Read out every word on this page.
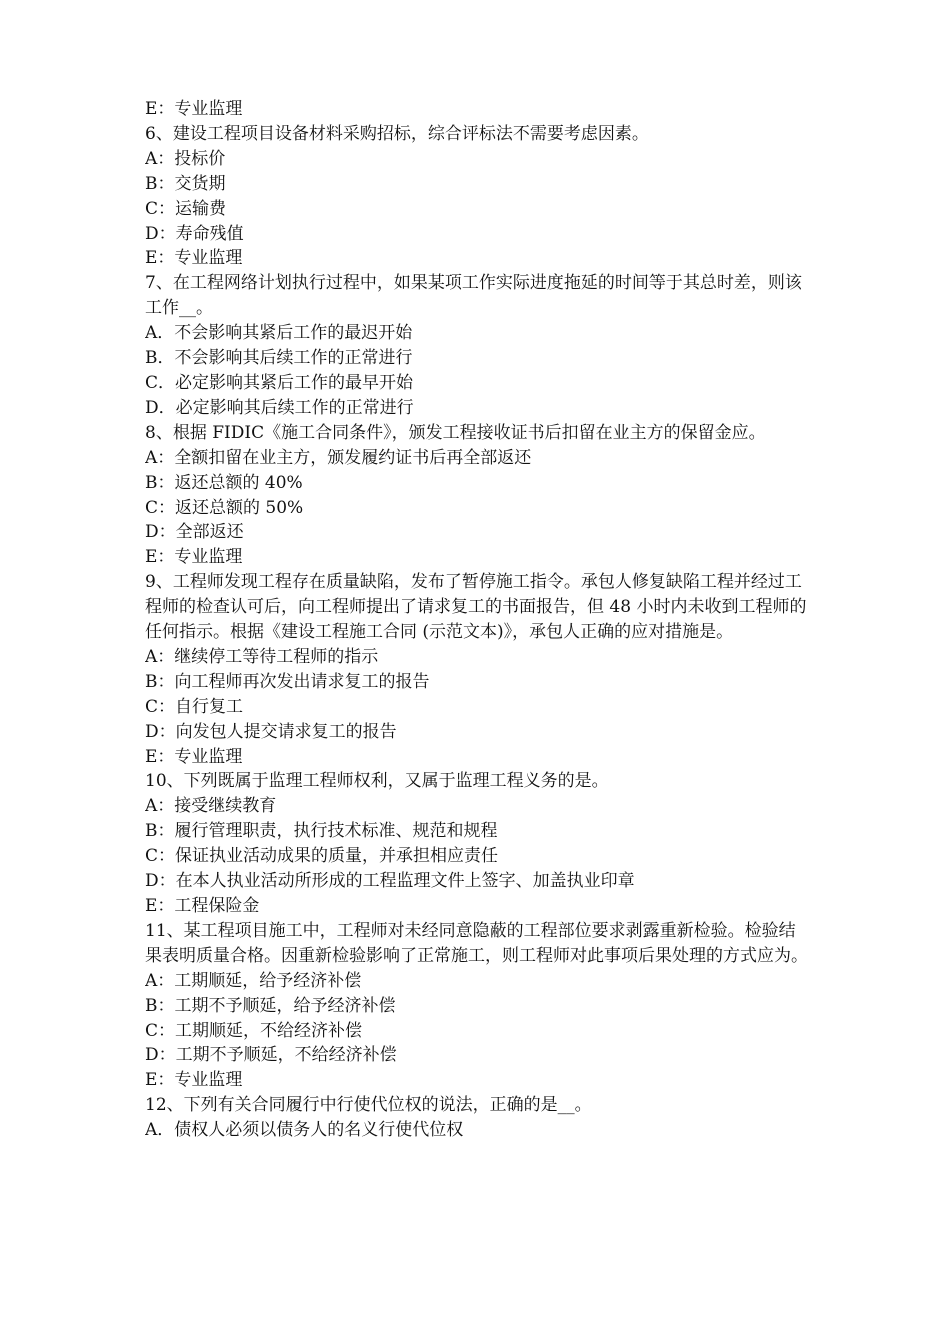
E：专业监理
6、建设工程项目设备材料采购招标，综合评标法不需要考虑因素。
A：投标价
B：交货期
C：运输费
D：寿命残值
E：专业监理
7、在工程网络计划执行过程中，如果某项工作实际进度拖延的时间等于其总时差，则该工作__。
A．不会影响其紧后工作的最迟开始
B．不会影响其后续工作的正常进行
C．必定影响其紧后工作的最早开始
D．必定影响其后续工作的正常进行
8、根据 FIDIC《施工合同条件》，颁发工程接收证书后扣留在业主方的保留金应。
A：全额扣留在业主方，颁发履约证书后再全部返还
B：返还总额的 40%
C：返还总额的 50%
D：全部返还
E：专业监理
9、工程师发现工程存在质量缺陷，发布了暂停施工指令。承包人修复缺陷工程并经过工程师的检查认可后，向工程师提出了请求复工的书面报告，但 48 小时内未收到工程师的任何指示。根据《建设工程施工合同 (示范文本)》，承包人正确的应对措施是。
A：继续停工等待工程师的指示
B：向工程师再次发出请求复工的报告
C：自行复工
D：向发包人提交请求复工的报告
E：专业监理
10、下列既属于监理工程师权利，又属于监理工程义务的是。
A：接受继续教育
B：履行管理职责，执行技术标准、规范和规程
C：保证执业活动成果的质量，并承担相应责任
D：在本人执业活动所形成的工程监理文件上签字、加盖执业印章
E：工程保险金
11、某工程项目施工中，工程师对未经同意隐蔽的工程部位要求剥露重新检验。检验结果表明质量合格。因重新检验影响了正常施工，则工程师对此事项后果处理的方式应为。
A：工期顺延，给予经济补偿
B：工期不予顺延，给予经济补偿
C：工期顺延，不给经济补偿
D：工期不予顺延，不给经济补偿
E：专业监理
12、下列有关合同履行中行使代位权的说法，正确的是__。
A．债权人必须以债务人的名义行使代位权
